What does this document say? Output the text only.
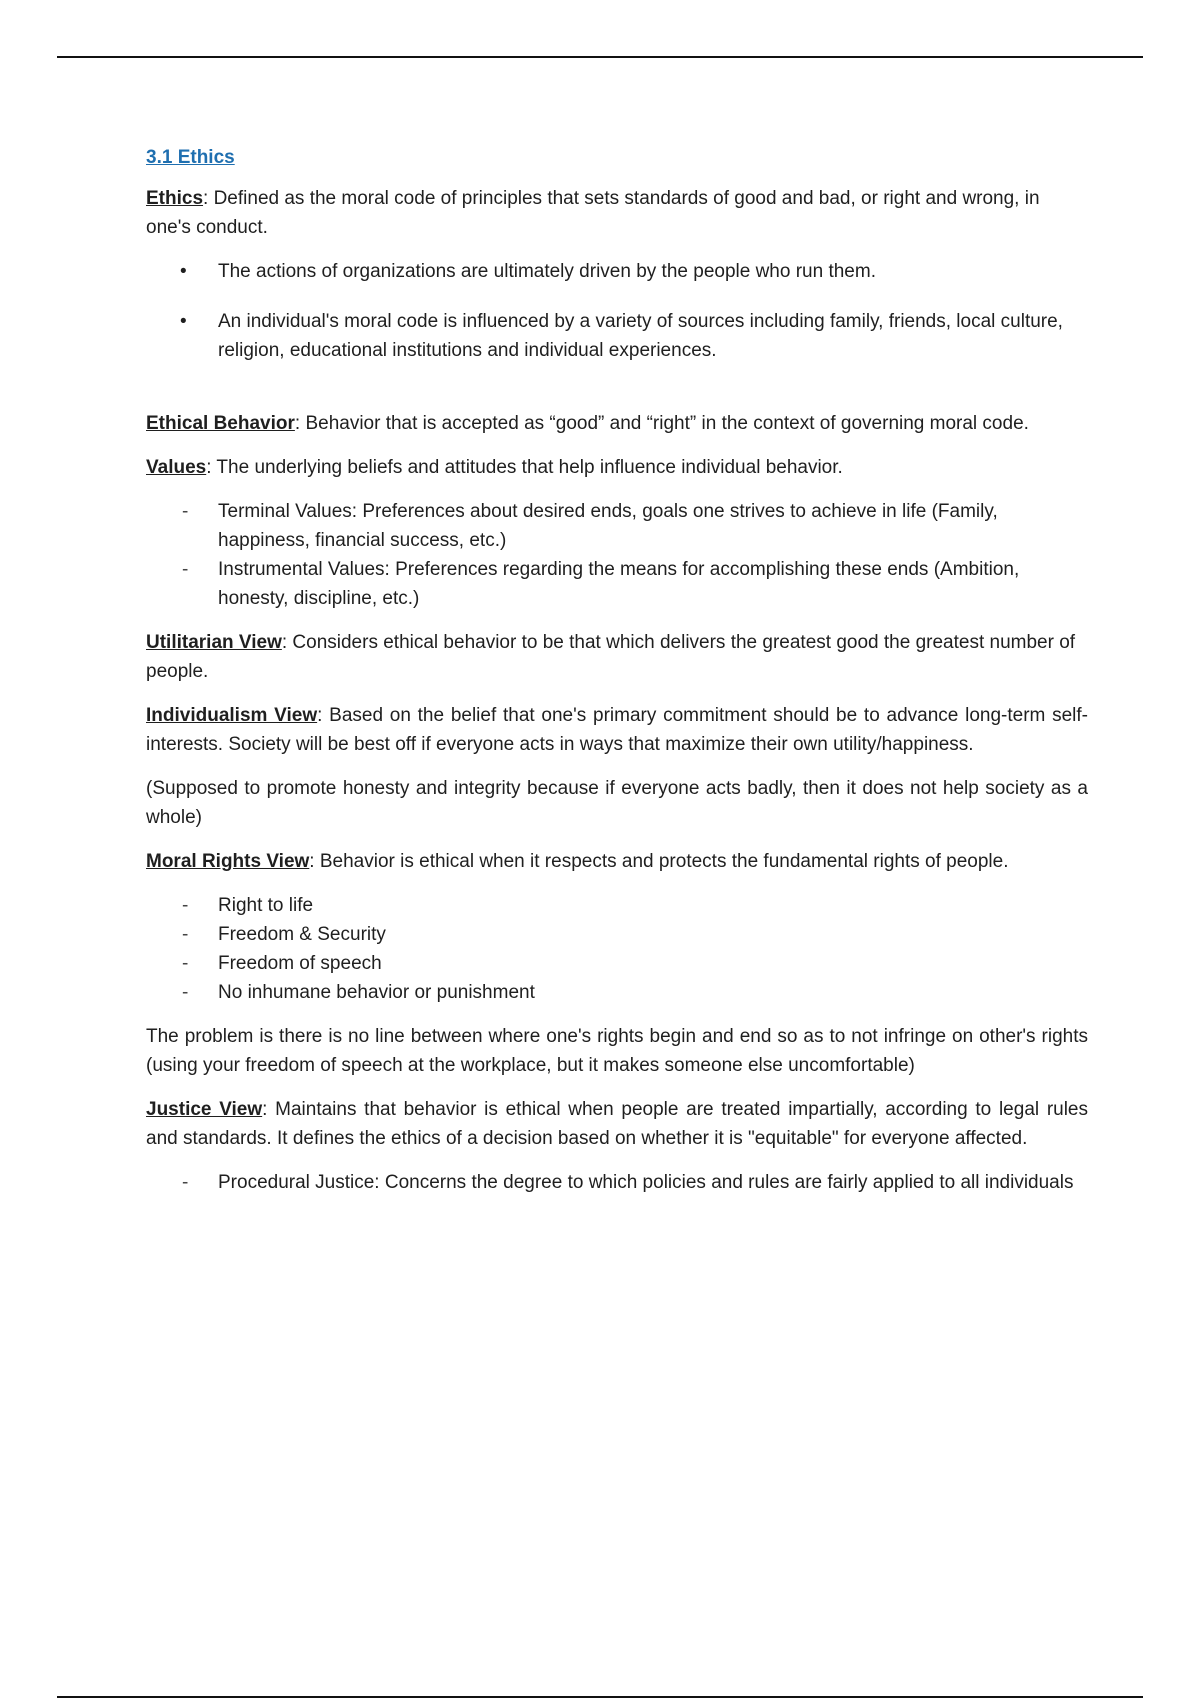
3.1 Ethics

Ethics: Defined as the moral code of principles that sets standards of good and bad, or right and wrong, in one's conduct.

• The actions of organizations are ultimately driven by the people who run them.
• An individual's moral code is influenced by a variety of sources including family, friends, local culture, religion, educational institutions and individual experiences.

Ethical Behavior: Behavior that is accepted as “good” and “right” in the context of governing moral code.

Values: The underlying beliefs and attitudes that help influence individual behavior.

- Terminal Values: Preferences about desired ends, goals one strives to achieve in life (Family, happiness, financial success, etc.)
- Instrumental Values: Preferences regarding the means for accomplishing these ends (Ambition, honesty, discipline, etc.)

Utilitarian View: Considers ethical behavior to be that which delivers the greatest good the greatest number of people.

Individualism View: Based on the belief that one's primary commitment should be to advance long-term self-interests. Society will be best off if everyone acts in ways that maximize their own utility/happiness.

(Supposed to promote honesty and integrity because if everyone acts badly, then it does not help society as a whole)

Moral Rights View: Behavior is ethical when it respects and protects the fundamental rights of people.

- Right to life
- Freedom & Security
- Freedom of speech
- No inhumane behavior or punishment

The problem is there is no line between where one's rights begin and end so as to not infringe on other's rights (using your freedom of speech at the workplace, but it makes someone else uncomfortable)

Justice View: Maintains that behavior is ethical when people are treated impartially, according to legal rules and standards. It defines the ethics of a decision based on whether it is "equitable" for everyone affected.

- Procedural Justice: Concerns the degree to which policies and rules are fairly applied to all individuals
